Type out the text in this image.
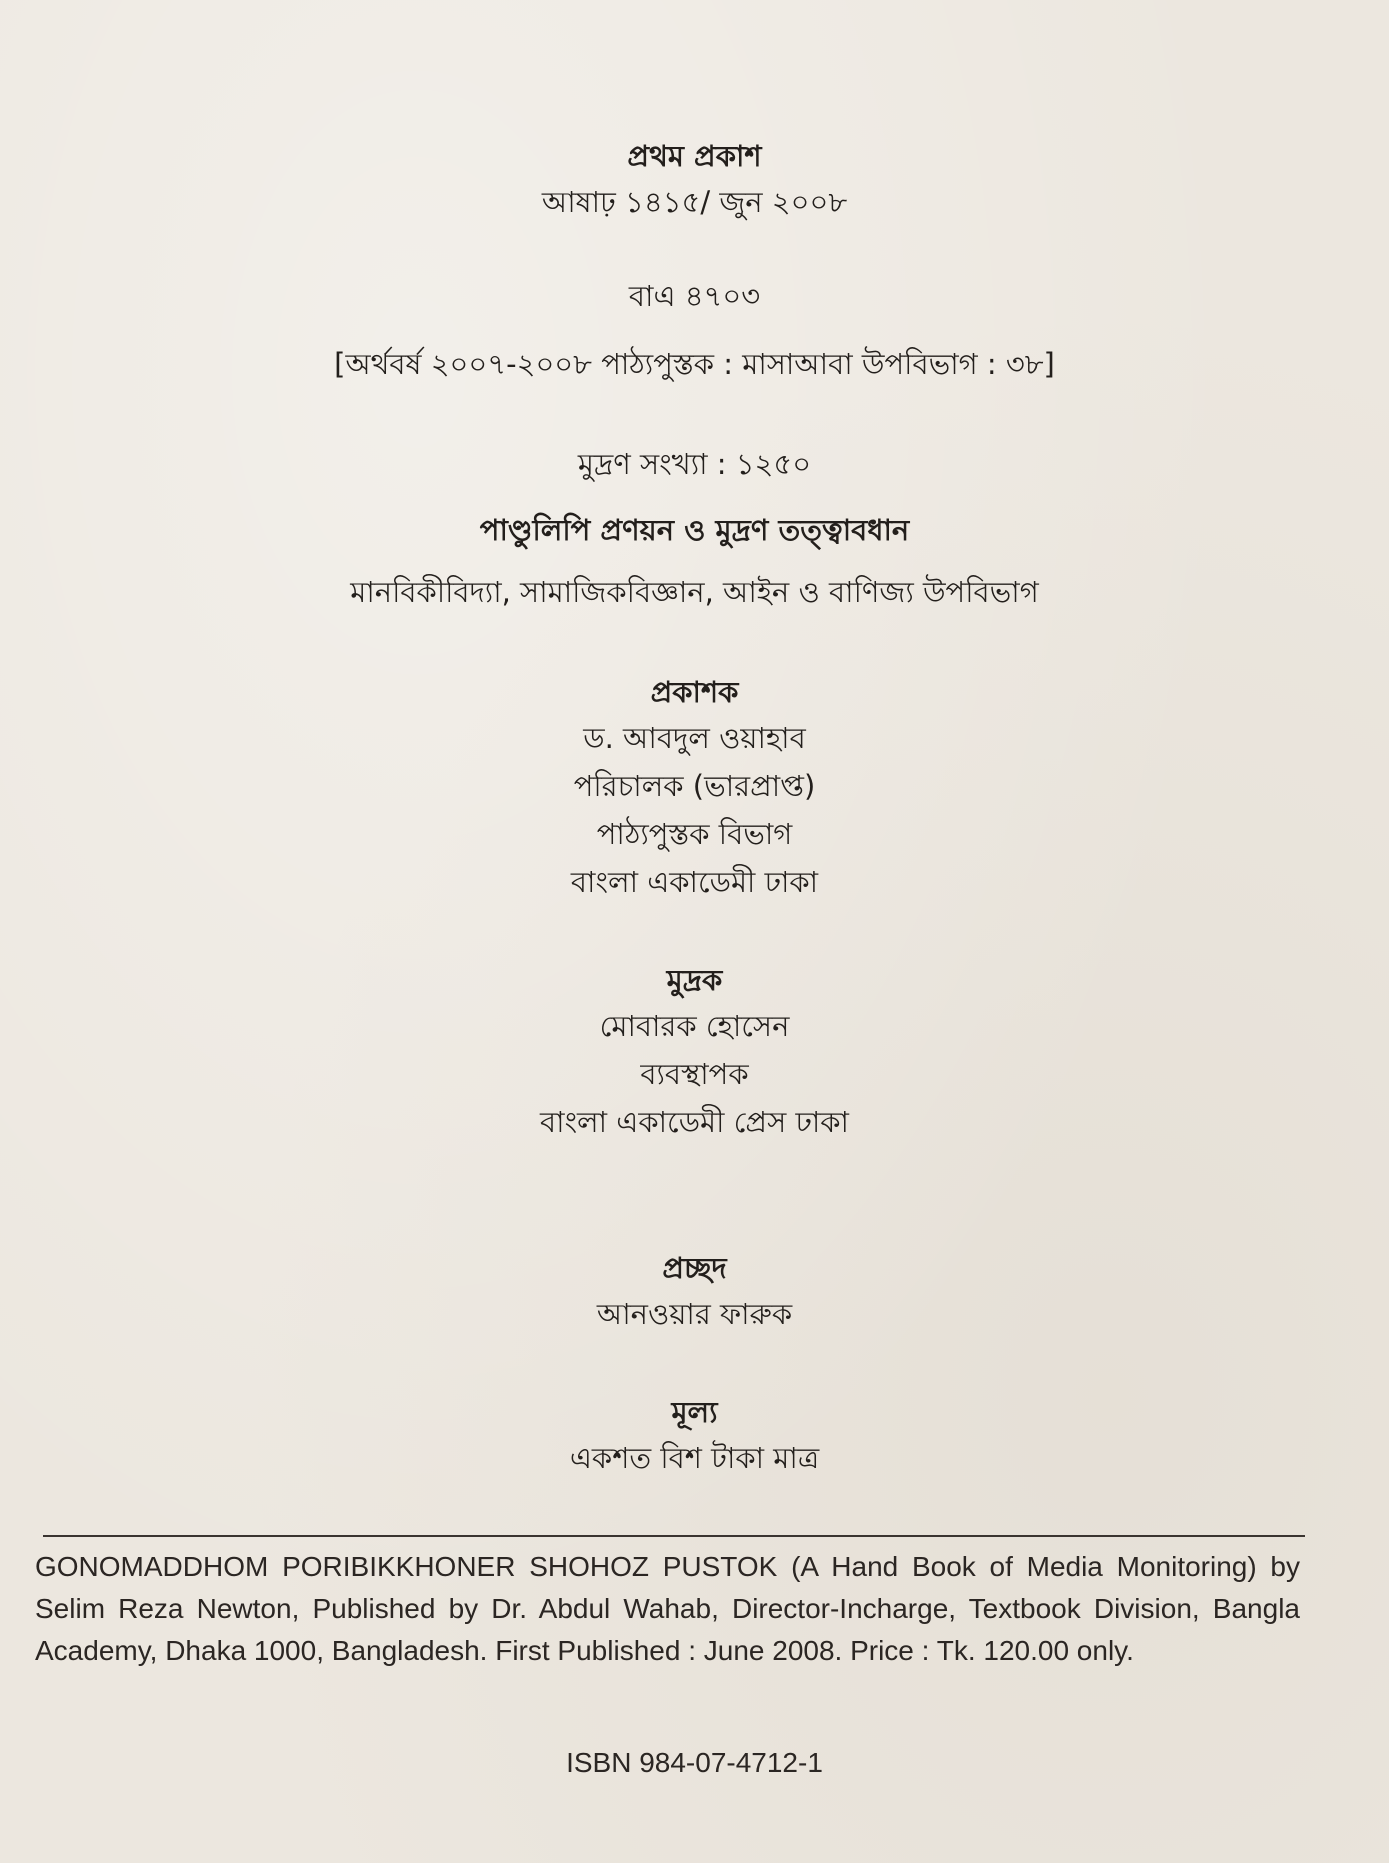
প্রথম প্রকাশ
আষাঢ় ১৪১৫/ জুন ২০০৮
বাএ ৪৭০৩
[অর্থবর্ষ ২০০৭-২০০৮ পাঠ্যপুস্তক : মাসাআবা উপবিভাগ : ৩৮]
মুদ্রণ সংখ্যা : ১২৫০
পাণ্ডুলিপি প্রণয়ন ও মুদ্রণ তত্ত্বাবধান
মানবিকীবিদ্যা, সামাজিকবিজ্ঞান, আইন ও বাণিজ্য উপবিভাগ
প্রকাশক
ড. আবদুল ওয়াহাব
পরিচালক (ভারপ্রাপ্ত)
পাঠ্যপুস্তক বিভাগ
বাংলা একাডেমী ঢাকা
মুদ্রক
মোবারক হোসেন
ব্যবস্থাপক
বাংলা একাডেমী প্রেস ঢাকা
প্রচ্ছদ
আনওয়ার ফারুক
মূল্য
একশত বিশ টাকা মাত্র
GONOMADDHOM PORIBIKKHONER SHOHOZ PUSTOK (A Hand Book of Media Monitoring) by Selim Reza Newton, Published by Dr. Abdul Wahab, Director-Incharge, Textbook Division, Bangla Academy, Dhaka 1000, Bangladesh. First Published : June 2008. Price : Tk. 120.00 only.
ISBN 984-07-4712-1
